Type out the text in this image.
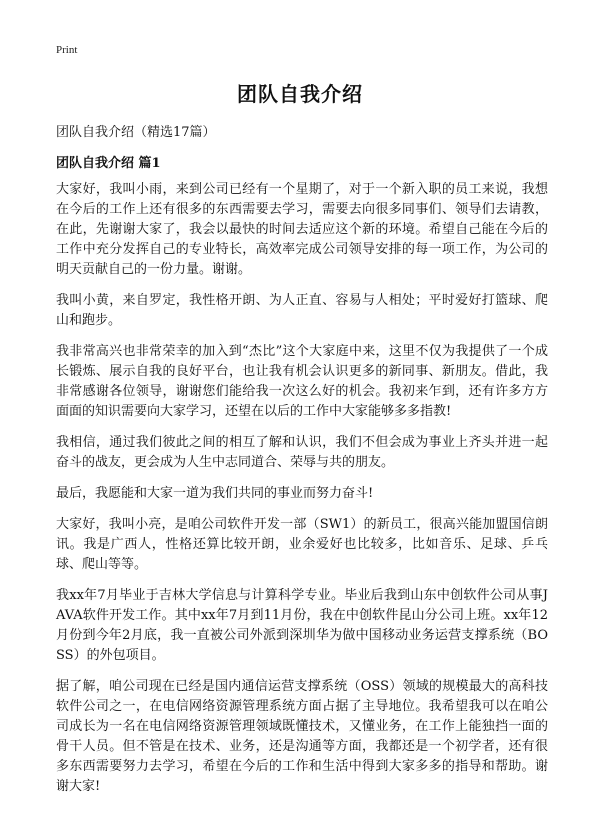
Print
团队自我介绍

团队自我介绍（精选17篇）

团队自我介绍 篇1

大家好，我叫小雨，来到公司已经有一个星期了，对于一个新入职的员工来说，我想在今后的工作上还有很多的东西需要去学习，需要去向很多同事们、领导们去请教，在此，先谢谢大家了，我会以最快的时间去适应这个新的环境。希望自己能在今后的工作中充分发挥自己的专业特长，高效率完成公司领导安排的每一项工作，为公司的明天贡献自己的一份力量。谢谢。

我叫小黄，来自罗定，我性格开朗、为人正直、容易与人相处；平时爱好打篮球、爬山和跑步。

我非常高兴也非常荣幸的加入到“杰比”这个大家庭中来，这里不仅为我提供了一个成长锻炼、展示自我的良好平台，也让我有机会认识更多的新同事、新朋友。借此，我非常感谢各位领导，谢谢您们能给我一次这么好的机会。我初来乍到，还有许多方方面面的知识需要向大家学习，还望在以后的工作中大家能够多多指教!

我相信，通过我们彼此之间的相互了解和认识，我们不但会成为事业上齐头并进一起奋斗的战友，更会成为人生中志同道合、荣辱与共的朋友。

最后，我愿能和大家一道为我们共同的事业而努力奋斗!

大家好，我叫小亮，是咱公司软件开发一部（SW1）的新员工，很高兴能加盟国信朗讯。我是广西人，性格还算比较开朗，业余爱好也比较多，比如音乐、足球、乒乓球、爬山等等。

我xx年7月毕业于吉林大学信息与计算科学专业。毕业后我到山东中创软件公司从事JAVA软件开发工作。其中xx年7月到11月份，我在中创软件昆山分公司上班。xx年12月份到今年2月底，我一直被公司外派到深圳华为做中国移动业务运营支撑系统（BOSS）的外包项目。

据了解，咱公司现在已经是国内通信运营支撑系统（OSS）领域的规模最大的高科技软件公司之一，在电信网络资源管理系统方面占据了主导地位。我希望我可以在咱公司成长为一名在电信网络资源管理领域既懂技术，又懂业务，在工作上能独挡一面的骨干人员。但不管是在技术、业务，还是沟通等方面，我都还是一个初学者，还有很多东西需要努力去学习，希望在今后的工作和生活中得到大家多多的指导和帮助。谢谢大家!
